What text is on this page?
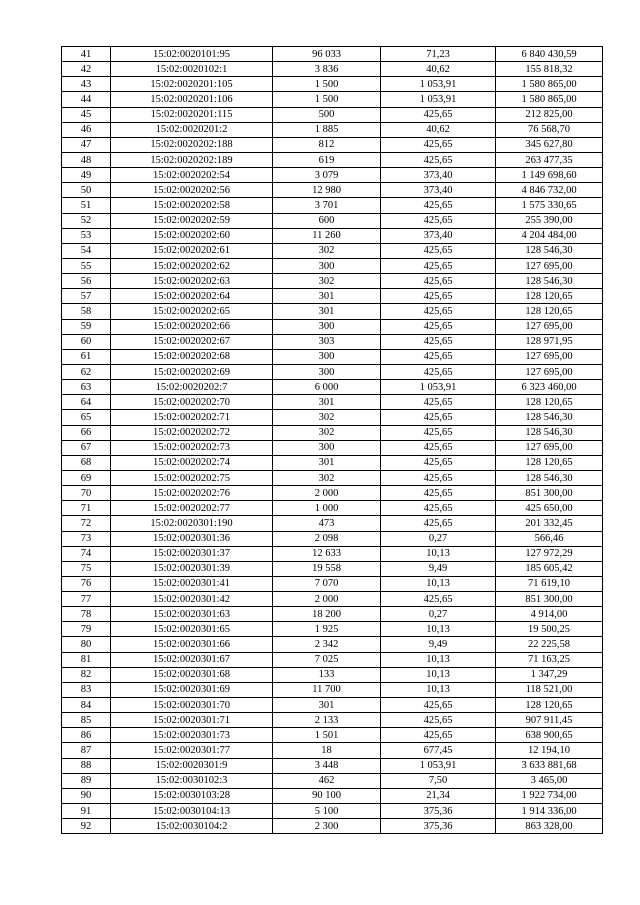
41	15:02:0020101:95	96 033	71,23	6 840 430,59
42	15:02:0020102:1	3 836	40,62	155 818,32
43	15:02:0020201:105	1 500	1 053,91	1 580 865,00
44	15:02:0020201:106	1 500	1 053,91	1 580 865,00
45	15:02:0020201:115	500	425,65	212 825,00
46	15:02:0020201:2	1 885	40,62	76 568,70
47	15:02:0020202:188	812	425,65	345 627,80
48	15:02:0020202:189	619	425,65	263 477,35
49	15:02:0020202:54	3 079	373,40	1 149 698,60
50	15:02:0020202:56	12 980	373,40	4 846 732,00
51	15:02:0020202:58	3 701	425,65	1 575 330,65
52	15:02:0020202:59	600	425,65	255 390,00
53	15:02:0020202:60	11 260	373,40	4 204 484,00
54	15:02:0020202:61	302	425,65	128 546,30
55	15:02:0020202:62	300	425,65	127 695,00
56	15:02:0020202:63	302	425,65	128 546,30
57	15:02:0020202:64	301	425,65	128 120,65
58	15:02:0020202:65	301	425,65	128 120,65
59	15:02:0020202:66	300	425,65	127 695,00
60	15:02:0020202:67	303	425,65	128 971,95
61	15:02:0020202:68	300	425,65	127 695,00
62	15:02:0020202:69	300	425,65	127 695,00
63	15:02:0020202:7	6 000	1 053,91	6 323 460,00
64	15:02:0020202:70	301	425,65	128 120,65
65	15:02:0020202:71	302	425,65	128 546,30
66	15:02:0020202:72	302	425,65	128 546,30
67	15:02:0020202:73	300	425,65	127 695,00
68	15:02:0020202:74	301	425,65	128 120,65
69	15:02:0020202:75	302	425,65	128 546,30
70	15:02:0020202:76	2 000	425,65	851 300,00
71	15:02:0020202:77	1 000	425,65	425 650,00
72	15:02:0020301:190	473	425,65	201 332,45
73	15:02:0020301:36	2 098	0,27	566,46
74	15:02:0020301:37	12 633	10,13	127 972,29
75	15:02:0020301:39	19 558	9,49	185 605,42
76	15:02:0020301:41	7 070	10,13	71 619,10
77	15:02:0020301:42	2 000	425,65	851 300,00
78	15:02:0020301:63	18 200	0,27	4 914,00
79	15:02:0020301:65	1 925	10,13	19 500,25
80	15:02:0020301:66	2 342	9,49	22 225,58
81	15:02:0020301:67	7 025	10,13	71 163,25
82	15:02:0020301:68	133	10,13	1 347,29
83	15:02:0020301:69	11 700	10,13	118 521,00
84	15:02:0020301:70	301	425,65	128 120,65
85	15:02:0020301:71	2 133	425,65	907 911,45
86	15:02:0020301:73	1 501	425,65	638 900,65
87	15:02:0020301:77	18	677,45	12 194,10
88	15:02:0020301:9	3 448	1 053,91	3 633 881,68
89	15:02:0030102:3	462	7,50	3 465,00
90	15:02:0030103:28	90 100	21,34	1 922 734,00
91	15:02:0030104:13	5 100	375,36	1 914 336,00
92	15:02:0030104:2	2 300	375,36	863 328,00
